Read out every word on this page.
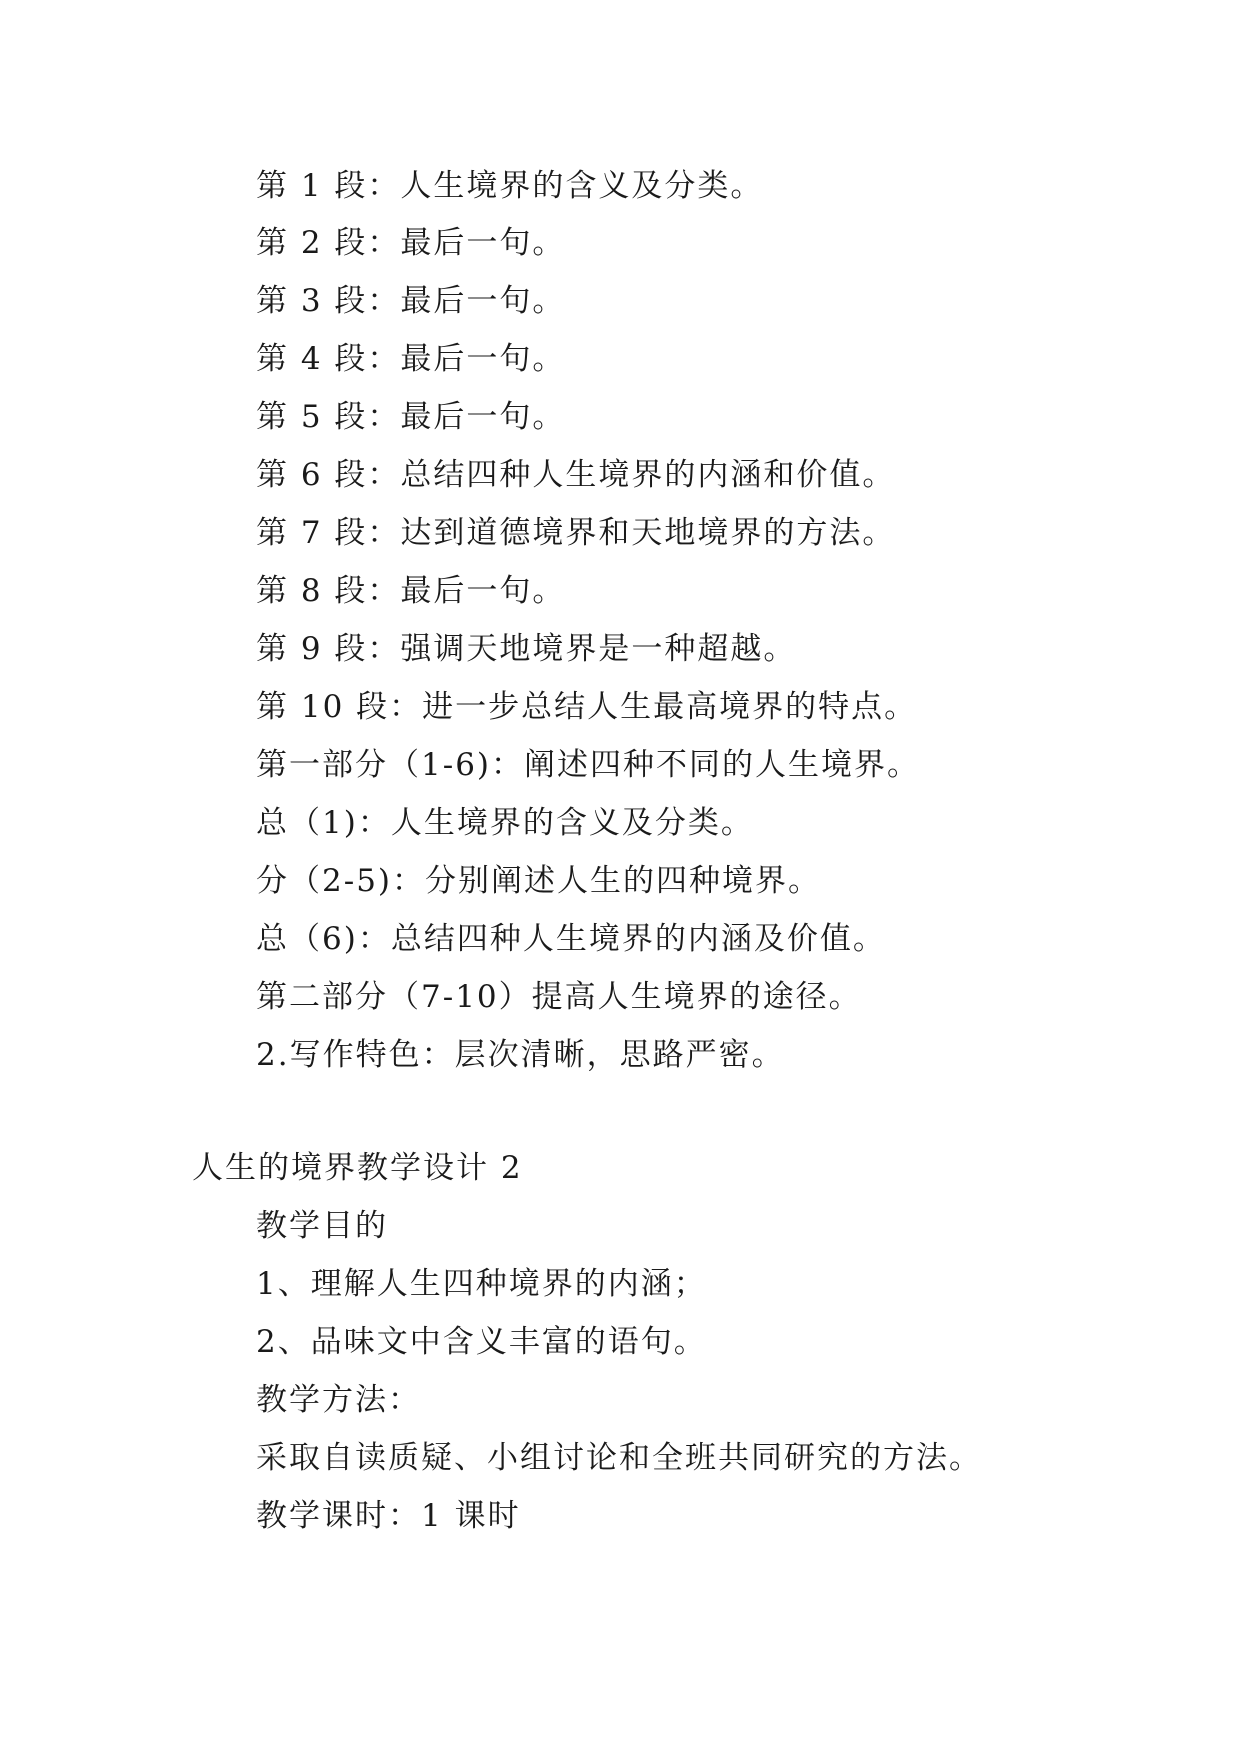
第 1 段：人生境界的含义及分类。
第 2 段：最后一句。
第 3 段：最后一句。
第 4 段：最后一句。
第 5 段：最后一句。
第 6 段：总结四种人生境界的内涵和价值。
第 7 段：达到道德境界和天地境界的方法。
第 8 段：最后一句。
第 9 段：强调天地境界是一种超越。
第 10 段：进一步总结人生最高境界的特点。
第一部分（1-6)：阐述四种不同的人生境界。
总（1)：人生境界的含义及分类。
分（2-5)：分别阐述人生的四种境界。
总（6)：总结四种人生境界的内涵及价值。
第二部分（7-10）提高人生境界的途径。
2.写作特色：层次清晰，思路严密。
人生的境界教学设计 2
教学目的
1、理解人生四种境界的内涵；
2、品味文中含义丰富的语句。
教学方法：
采取自读质疑、小组讨论和全班共同研究的方法。
教学课时：1 课时
